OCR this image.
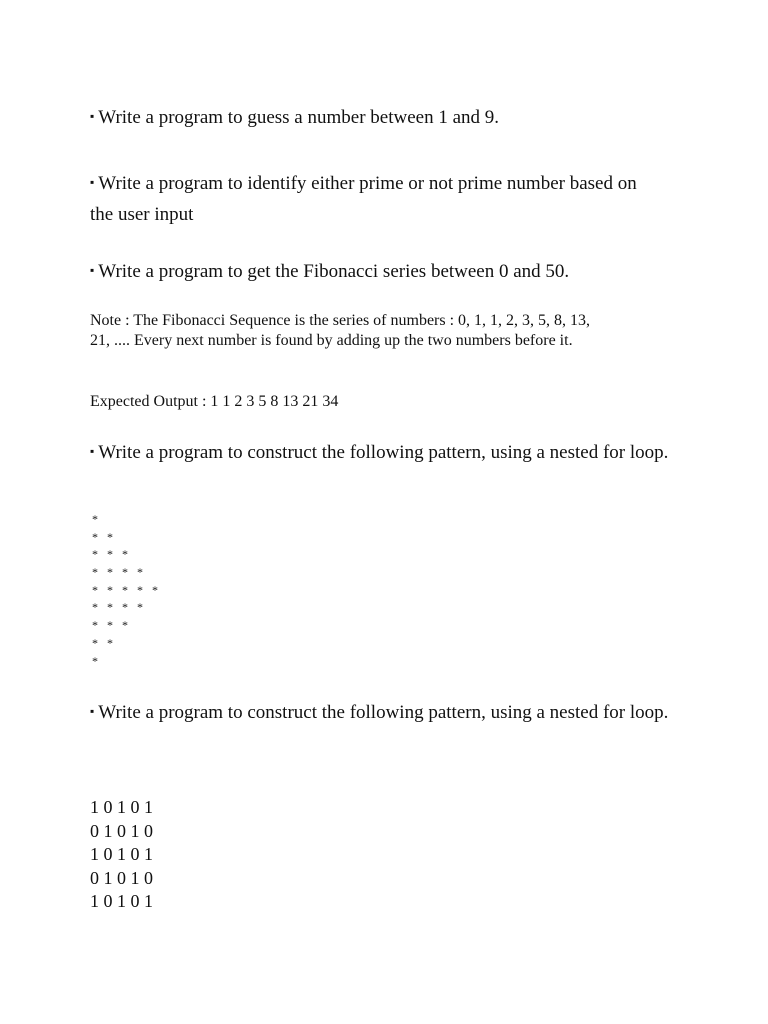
▪ Write a program to guess a number between 1 and 9.

▪ Write a program to identify either prime or not prime number based on the user input

▪ Write a program to get the Fibonacci series between 0 and 50.

Note : The Fibonacci Sequence is the series of numbers : 0, 1, 1, 2, 3, 5, 8, 13, 21, .... Every next number is found by adding up the two numbers before it.

Expected Output : 1 1 2 3 5 8 13 21 34

▪ Write a program to construct the following pattern, using a nested for loop.

*
*   *
*   *   *
*   *   *   *
*   *   *   *   *
*   *   *   *
*   *   *
*   *
*

▪ Write a program to construct the following pattern, using a nested for loop.

1 0 1 0 1
0 1 0 1 0
1 0 1 0 1
0 1 0 1 0
1 0 1 0 1
